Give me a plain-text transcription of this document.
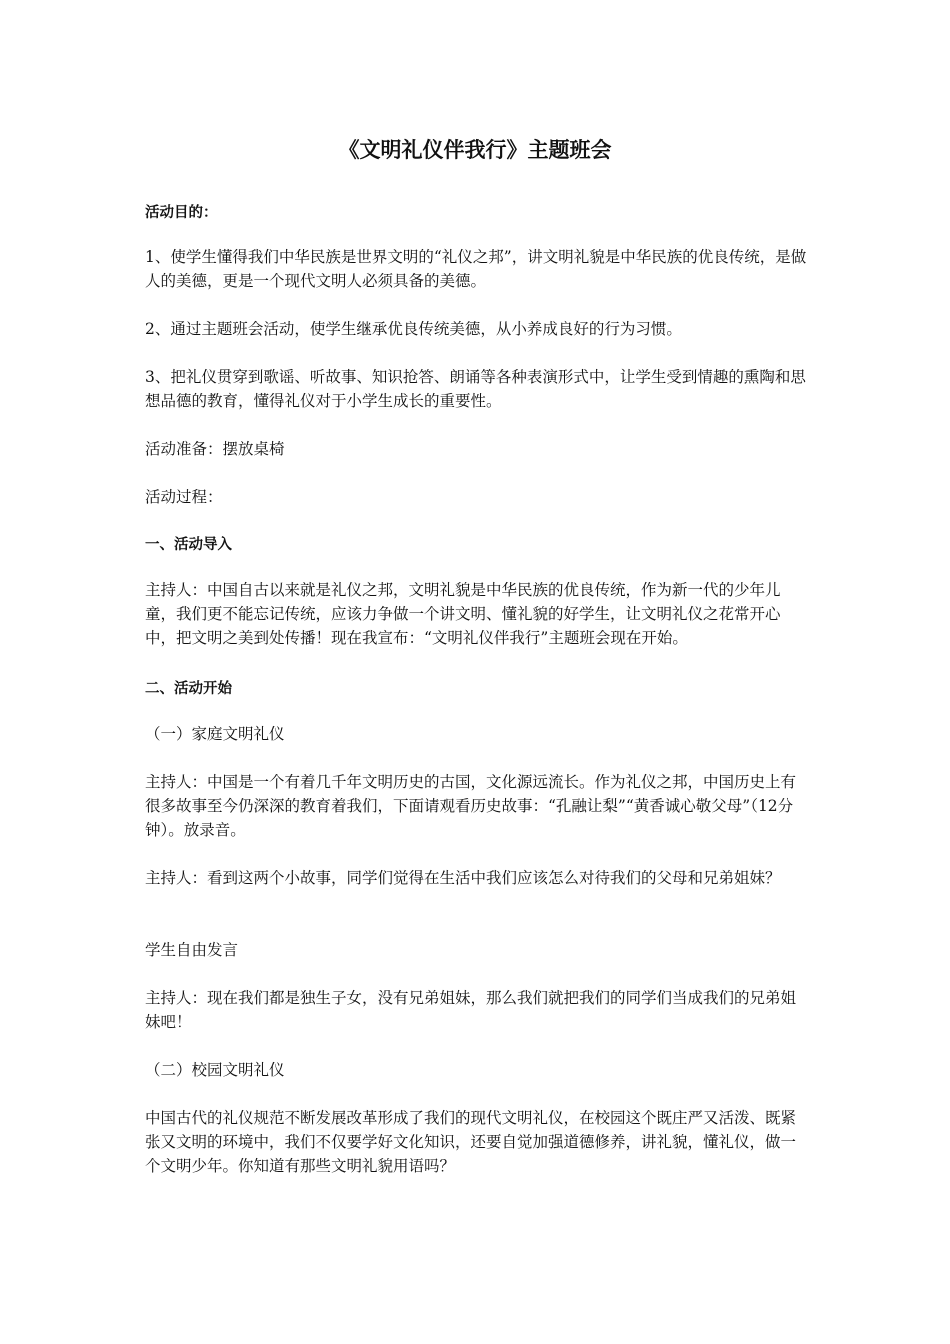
《文明礼仪伴我行》主题班会

活动目的：

1、使学生懂得我们中华民族是世界文明的“礼仪之邦”，讲文明礼貌是中华民族的优良传统，是做人的美德，更是一个现代文明人必须具备的美德。

2、通过主题班会活动，使学生继承优良传统美德，从小养成良好的行为习惯。

3、把礼仪贯穿到歌谣、听故事、知识抢答、朗诵等各种表演形式中，让学生受到情趣的熏陶和思想品德的教育，懂得礼仪对于小学生成长的重要性。

活动准备：摆放桌椅

活动过程：

一、活动导入

主持人：中国自古以来就是礼仪之邦，文明礼貌是中华民族的优良传统，作为新一代的少年儿童，我们更不能忘记传统，应该力争做一个讲文明、懂礼貌的好学生，让文明礼仪之花常开心中，把文明之美到处传播！现在我宣布：“文明礼仪伴我行”主题班会现在开始。

二、活动开始

（一）家庭文明礼仪

主持人：中国是一个有着几千年文明历史的古国，文化源远流长。作为礼仪之邦，中国历史上有很多故事至今仍深深的教育着我们，下面请观看历史故事：“孔融让梨”“黄香诚心敬父母”（12分钟）。放录音。

主持人：看到这两个小故事，同学们觉得在生活中我们应该怎么对待我们的父母和兄弟姐妹？

学生自由发言

主持人：现在我们都是独生子女，没有兄弟姐妹，那么我们就把我们的同学们当成我们的兄弟姐妹吧！

（二）校园文明礼仪

中国古代的礼仪规范不断发展改革形成了我们的现代文明礼仪，在校园这个既庄严又活泼、既紧张又文明的环境中，我们不仅要学好文化知识，还要自觉加强道德修养，讲礼貌，懂礼仪，做一个文明少年。你知道有那些文明礼貌用语吗？
